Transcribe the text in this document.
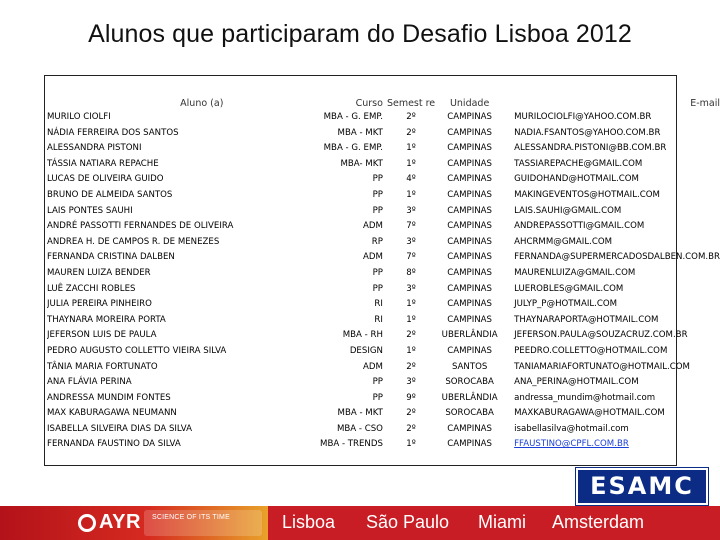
Alunos que participaram do Desafio Lisboa 2012
Aluno (a)	Curso	Semest re	Unidade	E-mail
MURILO CIOLFI	MBA - G. EMP.	2º	CAMPINAS	MURILOCIOLFI@YAHOO.COM.BR
NÁDIA FERREIRA DOS SANTOS	MBA - MKT	2º	CAMPINAS	NADIA.FSANTOS@YAHOO.COM.BR
ALESSANDRA PISTONI	MBA - G. EMP.	1º	CAMPINAS	ALESSANDRA.PISTONI@BB.COM.BR
TÁSSIA NATIARA REPACHE	MBA- MKT	1º	CAMPINAS	TASSIAREPACHE@GMAIL.COM
LUCAS DE OLIVEIRA GUIDO	PP	4º	CAMPINAS	GUIDOHAND@HOTMAIL.COM
BRUNO DE ALMEIDA SANTOS	PP	1º	CAMPINAS	MAKINGEVENTOS@HOTMAIL.COM
LAIS PONTES SAUHI	PP	3º	CAMPINAS	LAIS.SAUHI@GMAIL.COM
ANDRÉ PASSOTTI FERNANDES DE OLIVEIRA	ADM	7º	CAMPINAS	ANDREPASSOTTI@GMAIL.COM
ANDREA H. DE CAMPOS R. DE MENEZES	RP	3º	CAMPINAS	AHCRMM@GMAIL.COM
FERNANDA CRISTINA DALBEN	ADM	7º	CAMPINAS	FERNANDA@SUPERMERCADOSDALBEN.COM.BR
MAUREN LUIZA BENDER	PP	8º	CAMPINAS	MAURENLUIZA@GMAIL.COM
LUÊ ZACCHI ROBLES	PP	3º	CAMPINAS	LUEROBLES@GMAIL.COM
JULIA PEREIRA PINHEIRO	RI	1º	CAMPINAS	JULYP_P@HOTMAIL.COM
THAYNARA MOREIRA PORTA	RI	1º	CAMPINAS	THAYNARAPORTA@HOTMAIL.COM
JEFERSON LUIS DE PAULA	MBA - RH	2º	UBERLÂNDIA	JEFERSON.PAULA@SOUZACRUZ.COM.BR
PEDRO AUGUSTO COLLETTO VIEIRA SILVA	DESIGN	1º	CAMPINAS	PEEDRO.COLLETTO@HOTMAIL.COM
TÂNIA MARIA FORTUNATO	ADM	2º	SANTOS	TANIAMARIAFORTUNATO@HOTMAIL.COM
ANA FLÁVIA PERINA	PP	3º	SOROCABA	ANA_PERINA@HOTMAIL.COM
ANDRESSA MUNDIM FONTES	PP	9º	UBERLÂNDIA	andressa_mundim@hotmail.com
MAX KABURAGAWA NEUMANN	MBA - MKT	2º	SOROCABA	MAXKABURAGAWA@HOTMAIL.COM
ISABELLA SILVEIRA DIAS DA SILVA	MBA - CSO	2º	CAMPINAS	isabellasilva@hotmail.com
FERNANDA FAUSTINO DA SILVA	MBA - TRENDS	1º	CAMPINAS	FFAUSTINO@CPFL.COM.BR
ESAMC
AYR SCIENCE OF ITS TIME	Lisboa São Paulo Miami Amsterdam
